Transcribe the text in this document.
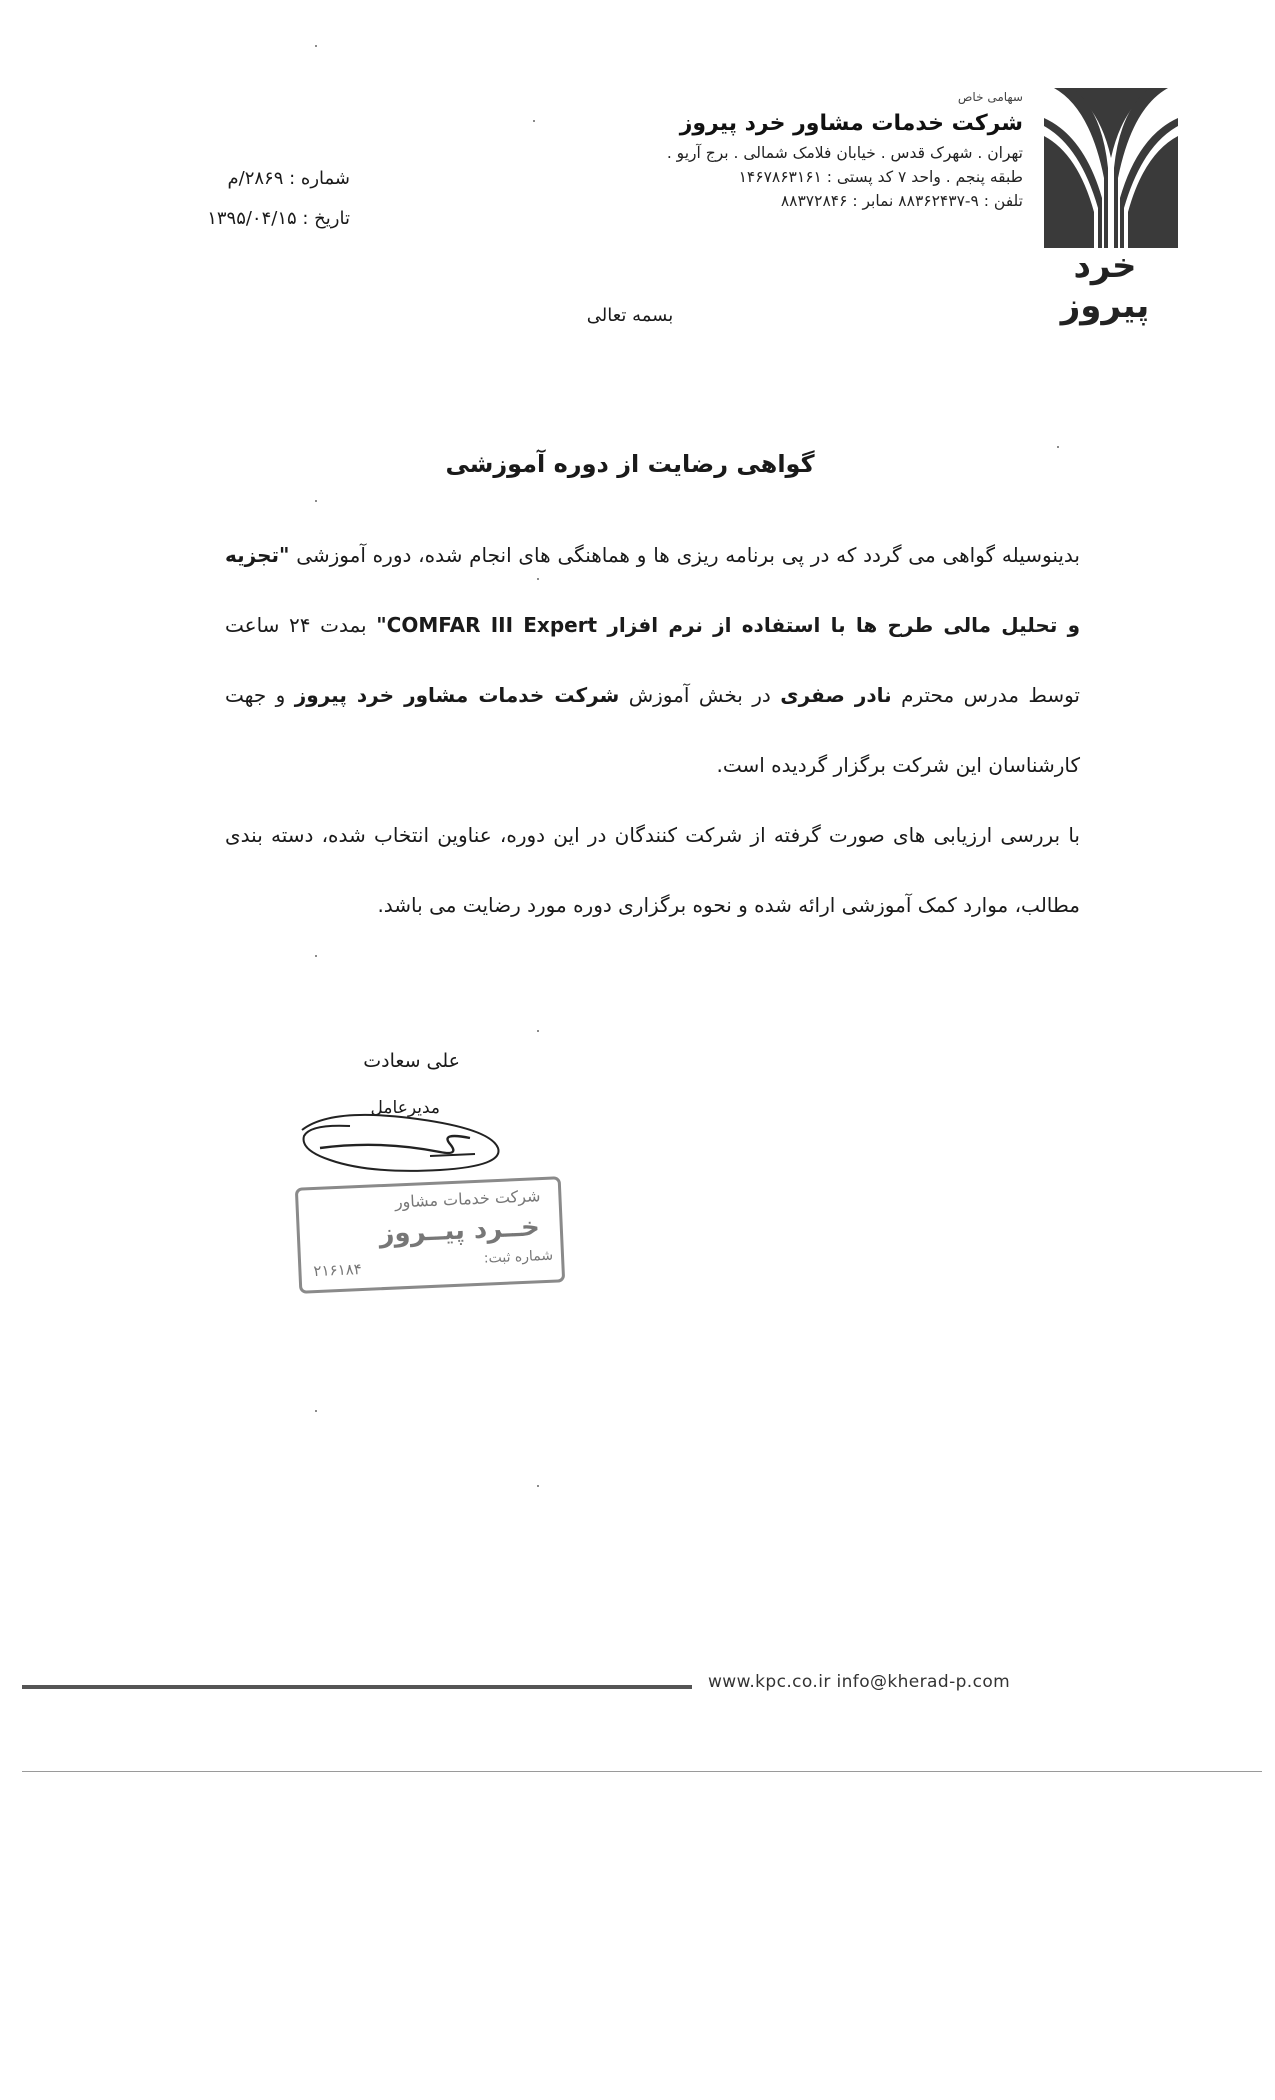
خرد پیروز
سهامی خاص
شرکت خدمات مشاور خرد پیروز
تهران . شهرک قدس . خیابان فلامک شمالی . برج آریو .
طبقه پنجم . واحد ۷ کد پستی : ۱۴۶۷۸۶۳۱۶۱
تلفن : ۹-۸۸۳۶۲۴۳۷ نمابر : ۸۸۳۷۲۸۴۶
شماره : ۲۸۶۹/م
تاریخ : ۱۳۹۵/۰۴/۱۵
بسمه تعالی
گواهی رضایت از دوره آموزشی

بدینوسیله گواهی می گردد که در پی برنامه ریزی ها و هماهنگی های انجام شده، دوره آموزشی "تجزیه و تحلیل مالی طرح ها با استفاده از نرم افزار COMFAR III Expert" بمدت ۲۴ ساعت توسط مدرس محترم نادر صفری در بخش آموزش شرکت خدمات مشاور خرد پیروز و جهت کارشناسان این شرکت برگزار گردیده است.

با بررسی ارزیابی های صورت گرفته از شرکت کنندگان در این دوره، عناوین انتخاب شده، دسته بندی مطالب، موارد کمک آموزشی ارائه شده و نحوه برگزاری دوره مورد رضایت می باشد.

علی سعادت
مدیرعامل
شرکت خدمات مشاور
خــرد پیــروز
شماره ثبت:
۲۱۶۱۸۴
www.kpc.co.ir info@kherad-p.com
